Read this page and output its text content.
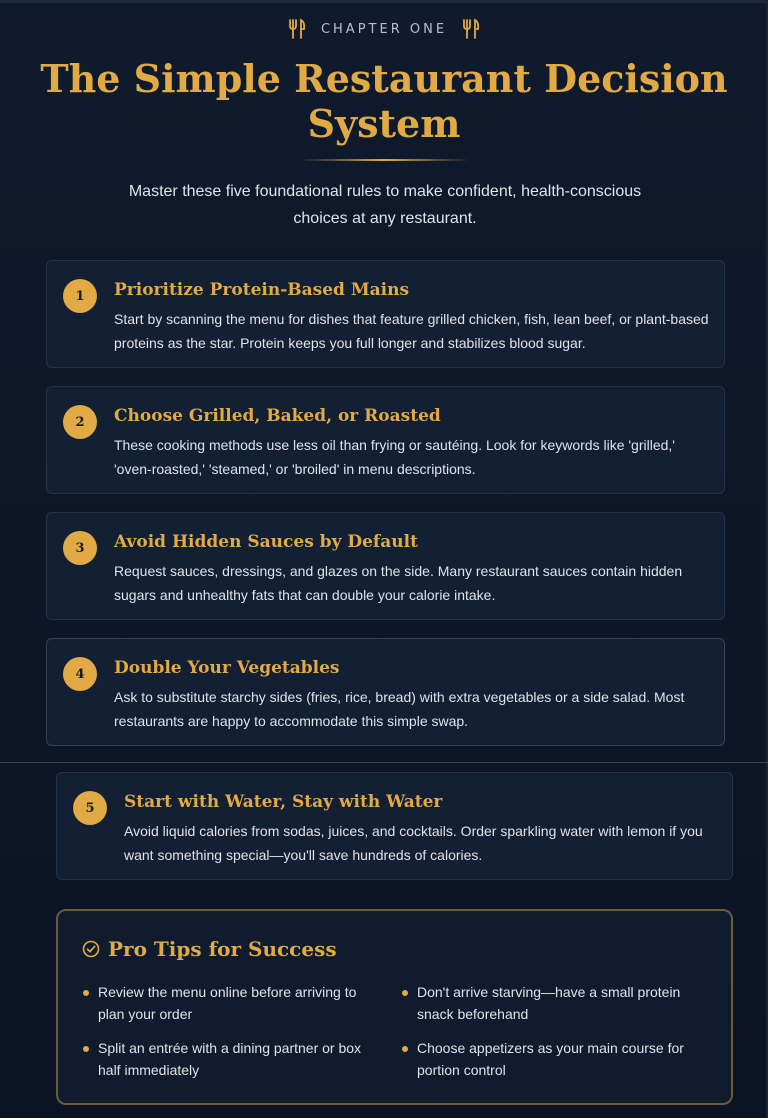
CHAPTER ONE
The Simple Restaurant Decision System

Master these five foundational rules to make confident, health-conscious choices at any restaurant.

1	Prioritize Protein-Based Mains
Start by scanning the menu for dishes that feature grilled chicken, fish, lean beef, or plant-based proteins as the star. Protein keeps you full longer and stabilizes blood sugar.
2	Choose Grilled, Baked, or Roasted
These cooking methods use less oil than frying or sautéing. Look for keywords like 'grilled,' 'oven-roasted,' 'steamed,' or 'broiled' in menu descriptions.
3	Avoid Hidden Sauces by Default
Request sauces, dressings, and glazes on the side. Many restaurant sauces contain hidden sugars and unhealthy fats that can double your calorie intake.
4	Double Your Vegetables
Ask to substitute starchy sides (fries, rice, bread) with extra vegetables or a side salad. Most restaurants are happy to accommodate this simple swap.
5	Start with Water, Stay with Water
Avoid liquid calories from sodas, juices, and cocktails. Order sparkling water with lemon if you want something special—you'll save hundreds of calories.
Pro Tips for Success
Review the menu online before arriving to plan your order
Don't arrive starving—have a small protein snack beforehand
Split an entrée with a dining partner or box half immediately
Choose appetizers as your main course for portion control
